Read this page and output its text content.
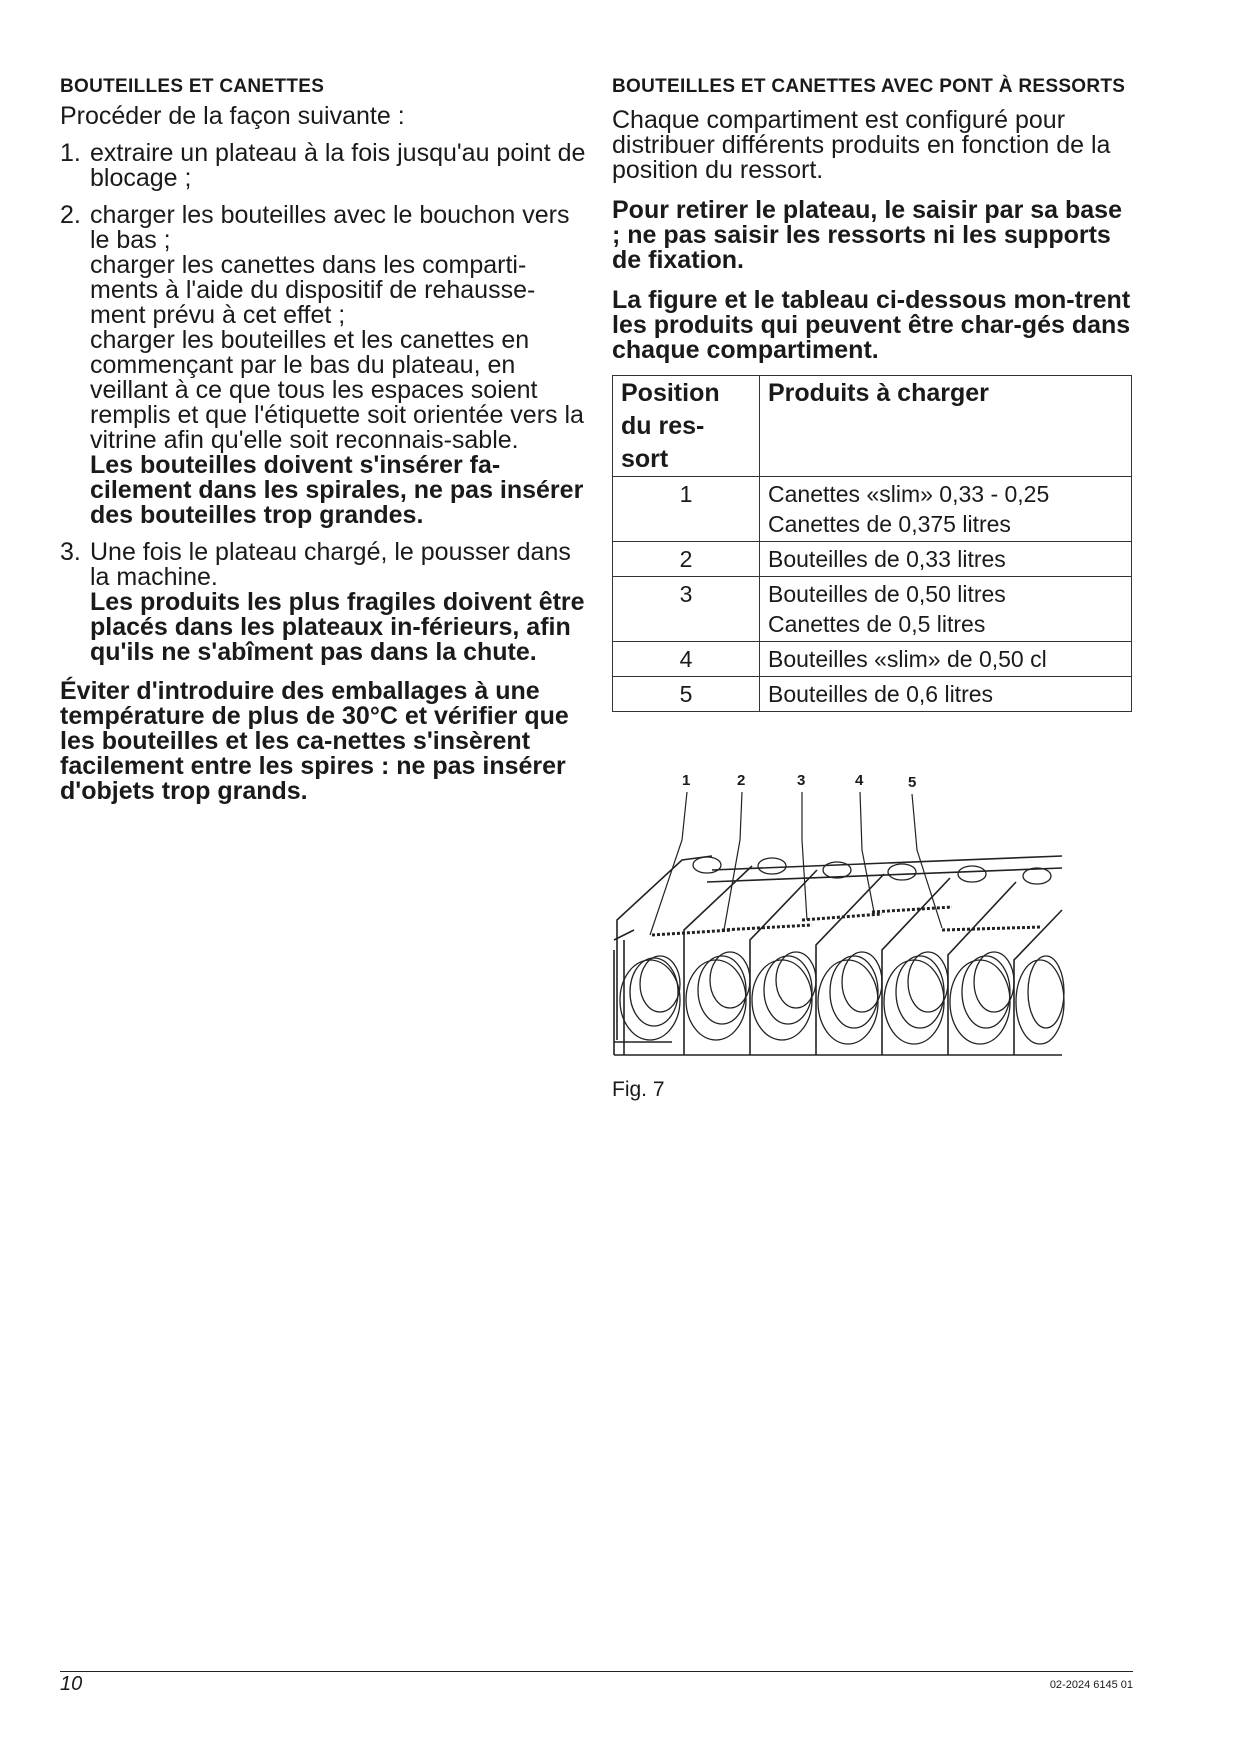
BOUTEILLES ET CANETTES

Procéder de la façon suivante :

1. extraire un plateau à la fois jusqu'au point de blocage ;

2. charger les bouteilles avec le bouchon vers le bas ;

charger les canettes dans les comparti-ments à l'aide du dispositif de rehausse-ment prévu à cet effet ;

charger les bouteilles et les canettes en commençant par le bas du plateau, en veillant à ce que tous les espaces soient remplis et que l'étiquette soit orientée vers la vitrine afin qu'elle soit reconnais-sable.

Les bouteilles doivent s'insérer fa-cilement dans les spirales, ne pas insérer des bouteilles trop grandes.

3. Une fois le plateau chargé, le pousser dans la machine.

Les produits les plus fragiles doivent être placés dans les plateaux in-férieurs, afin qu'ils ne s'abîment pas dans la chute.

Éviter d'introduire des emballages à une température de plus de 30°C et vérifier que les bouteilles et les ca-nettes s'insèrent facilement entre les spires : ne pas insérer d'objets trop grands.

BOUTEILLES ET CANETTES AVEC PONT À RESSORTS

Chaque compartiment est configuré pour distribuer différents produits en fonction de la position du ressort.

Pour retirer le plateau, le saisir par sa base ; ne pas saisir les ressorts ni les supports de fixation.

La figure et le tableau ci-dessous mon-trent les produits qui peuvent être char-gés dans chaque compartiment.

Position du res-sort	Produits à charger
1	Canettes «slim» 0,33 - 0,25
Canettes de 0,375 litres

2	Bouteilles de 0,33 litres

3	Bouteilles de 0,50 litres
Canettes de 0,5 litres

4	Bouteilles «slim» de 0,50 cl

5	Bouteilles de 0,6 litres
1	2	3	4	5
Fig. 7
10	02-2024 6145 01
